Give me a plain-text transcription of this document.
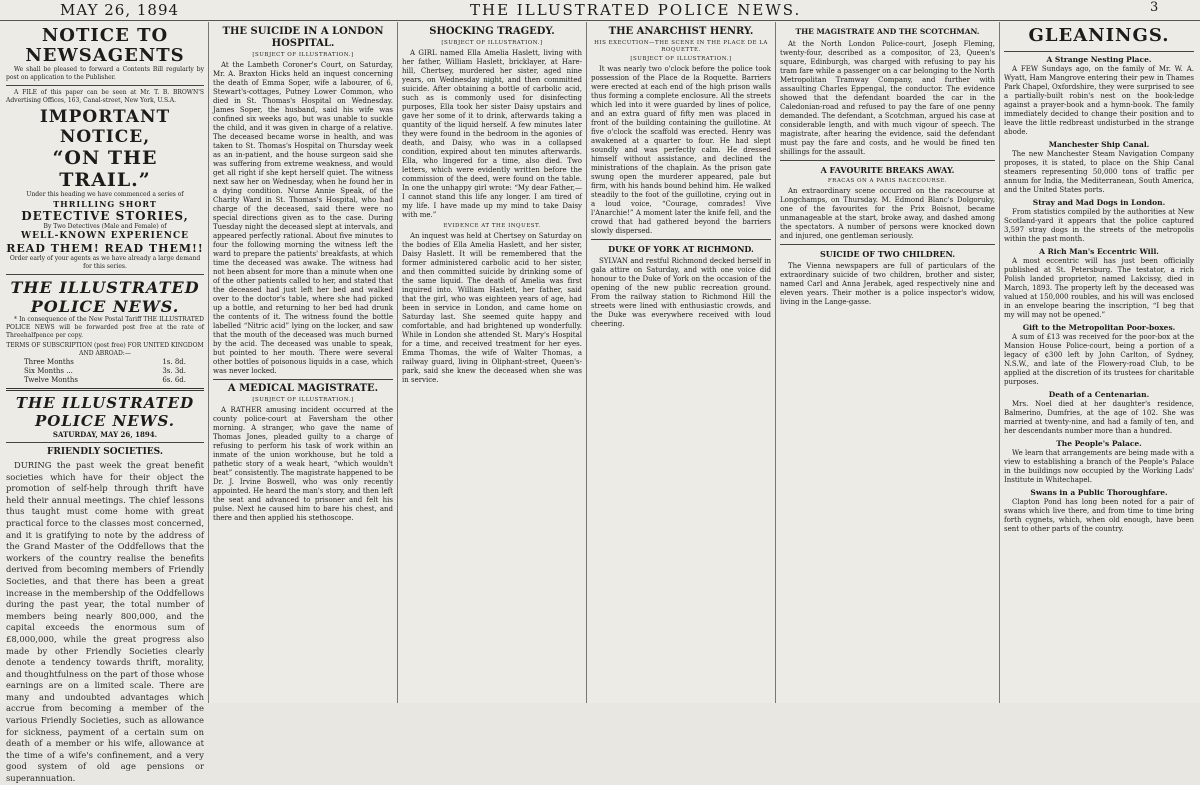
MAY 26, 1894	THE ILLUSTRATED POLICE NEWS.	3
NOTICE TO NEWSAGENTS

We shall be pleased to forward a Contents Bill regularly by post on application to the Publisher.

A FILE of this paper can be seen at Mr. T. B. BROWN'S Advertising Offices, 163, Canal-street, New York, U.S.A.

IMPORTANT NOTICE,
“ON THE TRAIL.”
Under this heading we have commenced a series of
THRILLING SHORT
DETECTIVE STORIES,
By Two Detectives (Male and Female) of
WELL-KNOWN EXPERIENCE
READ THEM! READ THEM!!
Order early of your agents as we have already a large demand for this series.
THE ILLUSTRATED POLICE NEWS.

* In consequence of the New Postal Tariff THE ILLUSTRATED POLICE NEWS will be forwarded post free at the rate of Threehalfpence per copy.

TERMS OF SUBSCRIPTION (post free) FOR UNITED KINGDOM AND ABROAD:—
Three Months	1s. 8d.
Six Months ...	3s. 3d.
Twelve Months	6s. 6d.
THE ILLUSTRATED POLICE NEWS.
SATURDAY, MAY 26, 1894.
FRIENDLY SOCIETIES.

DURING the past week the great benefit societies which have for their object the promotion of self-help through thrift have held their annual meetings. The chief lessons thus taught must come home with great practical force to the classes most concerned, and it is gratifying to note by the address of the Grand Master of the Oddfellows that the workers of the country realise the benefits derived from becoming members of Friendly Societies, and that there has been a great increase in the membership of the Oddfellows during the past year, the total number of members being nearly 800,000, and the capital exceeds the enormous sum of £8,000,000, while the great progress also made by other Friendly Societies clearly denote a tendency towards thrift, morality, and thoughtfulness on the part of those whose earnings are on a limited scale. There are many and undoubted advantages which accrue from becoming a member of the various Friendly Societies, such as allowance for sickness, payment of a certain sum on death of a member or his wife, allowance at the time of a wife's confinement, and a very good system of old age pensions or superannuation.

THE SUICIDE IN A LONDON HOSPITAL.
[SUBJECT OF ILLUSTRATION.]

At the Lambeth Coroner's Court, on Saturday, Mr. A. Braxton Hicks held an inquest concerning the death of Emma Soper, wife a labourer, of 6, Stewart's-cottages, Putney Lower Common, who died in St. Thomas's Hospital on Wednesday. James Soper, the husband, said his wife was confined six weeks ago, but was unable to suckle the child, and it was given in charge of a relative. The deceased became worse in health, and was taken to St. Thomas's Hospital on Thursday week as an in-patient, and the house surgeon said she was suffering from extreme weakness, and would get all right if she kept herself quiet. The witness next saw her on Wednesday, when he found her in a dying condition. Nurse Annie Speak, of the Charity Ward in St. Thomas's Hospital, who had charge of the deceased, said there were no special directions given as to the case. During Tuesday night the deceased slept at intervals, and appeared perfectly rational. About five minutes to four the following morning the witness left the ward to prepare the patients' breakfasts, at which time the deceased was awake. The witness had not been absent for more than a minute when one of the other patients called to her, and stated that the deceased had just left her bed and walked over to the doctor's table, where she had picked up a bottle, and returning to her bed had drunk the contents of it. The witness found the bottle labelled “Nitric acid” lying on the locker, and saw that the mouth of the deceased was much burned by the acid. The deceased was unable to speak, but pointed to her mouth. There were several other bottles of poisonous liquids in a case, which was never locked.

A MEDICAL MAGISTRATE.
[SUBJECT OF ILLUSTRATION.]

A RATHER amusing incident occurred at the county police-court at Faversham the other morning. A stranger, who gave the name of Thomas Jones, pleaded guilty to a charge of refusing to perform his task of work within an inmate of the union workhouse, but he told a pathetic story of a weak heart, “which wouldn't beat” consistently. The magistrate happened to be Dr. J. Irvine Boswell, who was only recently appointed. He heard the man's story, and then left the seat and advanced to prisoner and felt his pulse. Next he caused him to bare his chest, and there and then applied his stethoscope.

SHOCKING TRAGEDY.
[SUBJECT OF ILLUSTRATION.]

A GIRL named Ella Amelia Haslett, living with her father, William Haslett, bricklayer, at Hare-hill, Chertsey, murdered her sister, aged nine years, on Wednesday night, and then committed suicide. After obtaining a bottle of carbolic acid, such as is commonly used for disinfecting purposes, Ella took her sister Daisy upstairs and gave her some of it to drink, afterwards taking a quantity of the liquid herself. A few minutes later they were found in the bedroom in the agonies of death, and Daisy, who was in a collapsed condition, expired about ten minutes afterwards. Ella, who lingered for a time, also died. Two letters, which were evidently written before the commission of the deed, were found on the table. In one the unhappy girl wrote: “My dear Father,—I cannot stand this life any longer. I am tired of my life. I have made up my mind to take Daisy with me.”

EVIDENCE AT THE INQUEST.

An inquest was held at Chertsey on Saturday on the bodies of Ella Amelia Haslett, and her sister, Daisy Haslett. It will be remembered that the former administered carbolic acid to her sister, and then committed suicide by drinking some of the same liquid. The death of Amelia was first inquired into. William Haslett, her father, said that the girl, who was eighteen years of age, had been in service in London, and came home on Saturday last. She seemed quite happy and comfortable, and had brightened up wonderfully. While in London she attended St. Mary's Hospital for a time, and received treatment for her eyes. Emma Thomas, the wife of Walter Thomas, a railway guard, living in Oliphant-street, Queen's-park, said she knew the deceased when she was in service.

THE ANARCHIST HENRY.
HIS EXECUTION—THE SCENE IN THE PLACE DE LA ROQUETTE.
[SUBJECT OF ILLUSTRATION.]

It was nearly two o'clock before the police took possession of the Place de la Roquette. Barriers were erected at each end of the high prison walls thus forming a complete enclosure. All the streets which led into it were guarded by lines of police, and an extra guard of fifty men was placed in front of the building containing the guillotine. At five o'clock the scaffold was erected. Henry was awakened at a quarter to four. He had slept soundly and was perfectly calm. He dressed himself without assistance, and declined the ministrations of the chaplain. As the prison gate swung open the murderer appeared, pale but firm, with his hands bound behind him. He walked steadily to the foot of the guillotine, crying out in a loud voice, “Courage, comrades! Vive l'Anarchie!” A moment later the knife fell, and the crowd that had gathered beyond the barriers slowly dispersed.

DUKE OF YORK AT RICHMOND.

SYLVAN and restful Richmond decked herself in gala attire on Saturday, and with one voice did honour to the Duke of York on the occasion of the opening of the new public recreation ground. From the railway station to Richmond Hill the streets were lined with enthusiastic crowds, and the Duke was everywhere received with loud cheering.

THE MAGISTRATE AND THE SCOTCHMAN.

At the North London Police-court, Joseph Fleming, twenty-four, described as a compositor, of 23, Queen's square, Edinburgh, was charged with refusing to pay his tram fare while a passenger on a car belonging to the North Metropolitan Tramway Company, and further with assaulting Charles Eppengal, the conductor. The evidence showed that the defendant boarded the car in the Caledonian-road and refused to pay the fare of one penny demanded. The defendant, a Scotchman, argued his case at considerable length, and with much vigour of speech. The magistrate, after hearing the evidence, said the defendant must pay the fare and costs, and he would be fined ten shillings for the assault.

A FAVOURITE BREAKS AWAY.
FRACAS ON A PARIS RACECOURSE.

An extraordinary scene occurred on the racecourse at Longchamps, on Thursday. M. Edmond Blanc's Dolgoruky, one of the favourites for the Prix Boisnot, became unmanageable at the start, broke away, and dashed among the spectators. A number of persons were knocked down and injured, one gentleman seriously.

SUICIDE OF TWO CHILDREN.

The Vienna newspapers are full of particulars of the extraordinary suicide of two children, brother and sister, named Carl and Anna Jerabek, aged respectively nine and eleven years. Their mother is a police inspector's widow, living in the Lange-gasse.

GLEANINGS.
A Strange Nesting Place.

A FEW Sundays ago, on the family of Mr. W. A. Wyatt, Ham Mangrove entering their pew in Thames Park Chapel, Oxfordshire, they were surprised to see a partially-built robin's nest on the book-ledge against a prayer-book and a hymn-book. The family immediately decided to change their position and to leave the little redbreast undisturbed in the strange abode.

Manchester Ship Canal.

The new Manchester Steam Navigation Company proposes, it is stated, to place on the Ship Canal steamers representing 50,000 tons of traffic per annum for India, the Mediterranean, South America, and the United States ports.

Stray and Mad Dogs in London.

From statistics compiled by the authorities at New Scotland-yard it appears that the police captured 3,597 stray dogs in the streets of the metropolis within the past month.

A Rich Man's Eccentric Will.

A most eccentric will has just been officially published at St. Petersburg. The testator, a rich Polish landed proprietor, named Lakcissy, died in March, 1893. The property left by the deceased was valued at 150,000 roubles, and his will was enclosed in an envelope bearing the inscription, “I beg that my will may not be opened.”

Gift to the Metropolitan Poor-boxes.

A sum of £13 was received for the poor-box at the Mansion House Police-court, being a portion of a legacy of ¢300 left by John Carlton, of Sydney, N.S.W., and late of the Flowery-road Club, to be applied at the discretion of its trustees for charitable purposes.

Death of a Centenarian.

Mrs. Noel died at her daughter's residence, Balmerino, Dumfries, at the age of 102. She was married at twenty-nine, and had a family of ten, and her descendants number more than a hundred.

The People's Palace.

We learn that arrangements are being made with a view to establishing a branch of the People's Palace in the buildings now occupied by the Working Lads' Institute in Whitechapel.

Swans in a Public Thoroughfare.

Clapton Pond has long been noted for a pair of swans which live there, and from time to time bring forth cygnets, which, when old enough, have been sent to other parts of the country.
